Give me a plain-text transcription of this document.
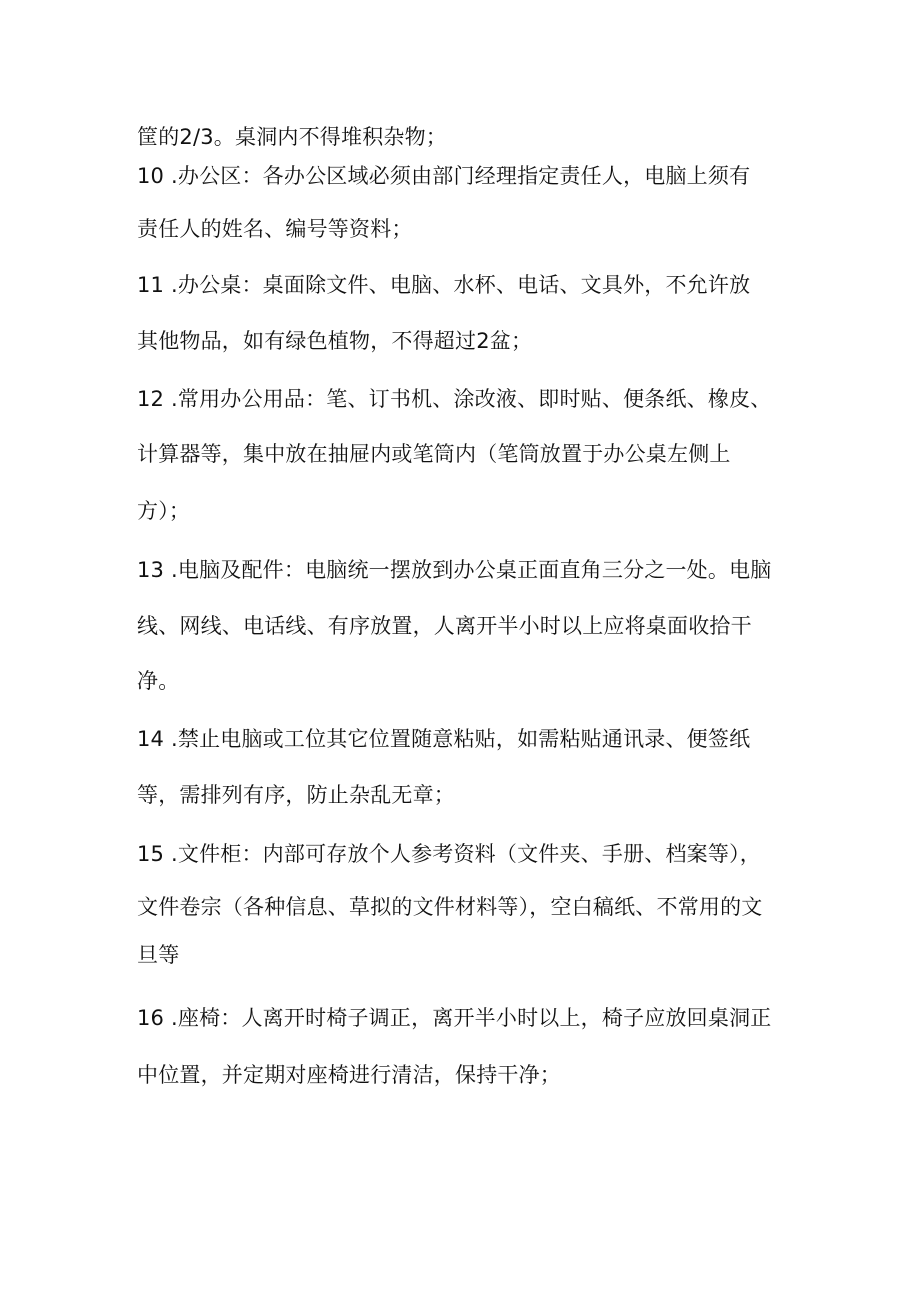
筐的2/3。桌洞内不得堆积杂物；
10 .办公区：各办公区域必须由部门经理指定责任人，电脑上须有
责任人的姓名、编号等资料；
11 .办公桌：桌面除文件、电脑、水杯、电话、文具外，不允许放
其他物品，如有绿色植物，不得超过2盆；
12 .常用办公用品：笔、订书机、涂改液、即时贴、便条纸、橡皮、
计算器等，集中放在抽屉内或笔筒内（笔筒放置于办公桌左侧上
方）；
13 .电脑及配件：电脑统一摆放到办公桌正面直角三分之一处。电脑
线、网线、电话线、有序放置，人离开半小时以上应将桌面收拾干
净。
14 .禁止电脑或工位其它位置随意粘贴，如需粘贴通讯录、便签纸
等，需排列有序，防止杂乱无章；
15 .文件柜：内部可存放个人参考资料（文件夹、手册、档案等），
文件卷宗（各种信息、草拟的文件材料等），空白稿纸、不常用的文
旦等
16 .座椅：人离开时椅子调正，离开半小时以上，椅子应放回桌洞正
中位置，并定期对座椅进行清洁，保持干净；
